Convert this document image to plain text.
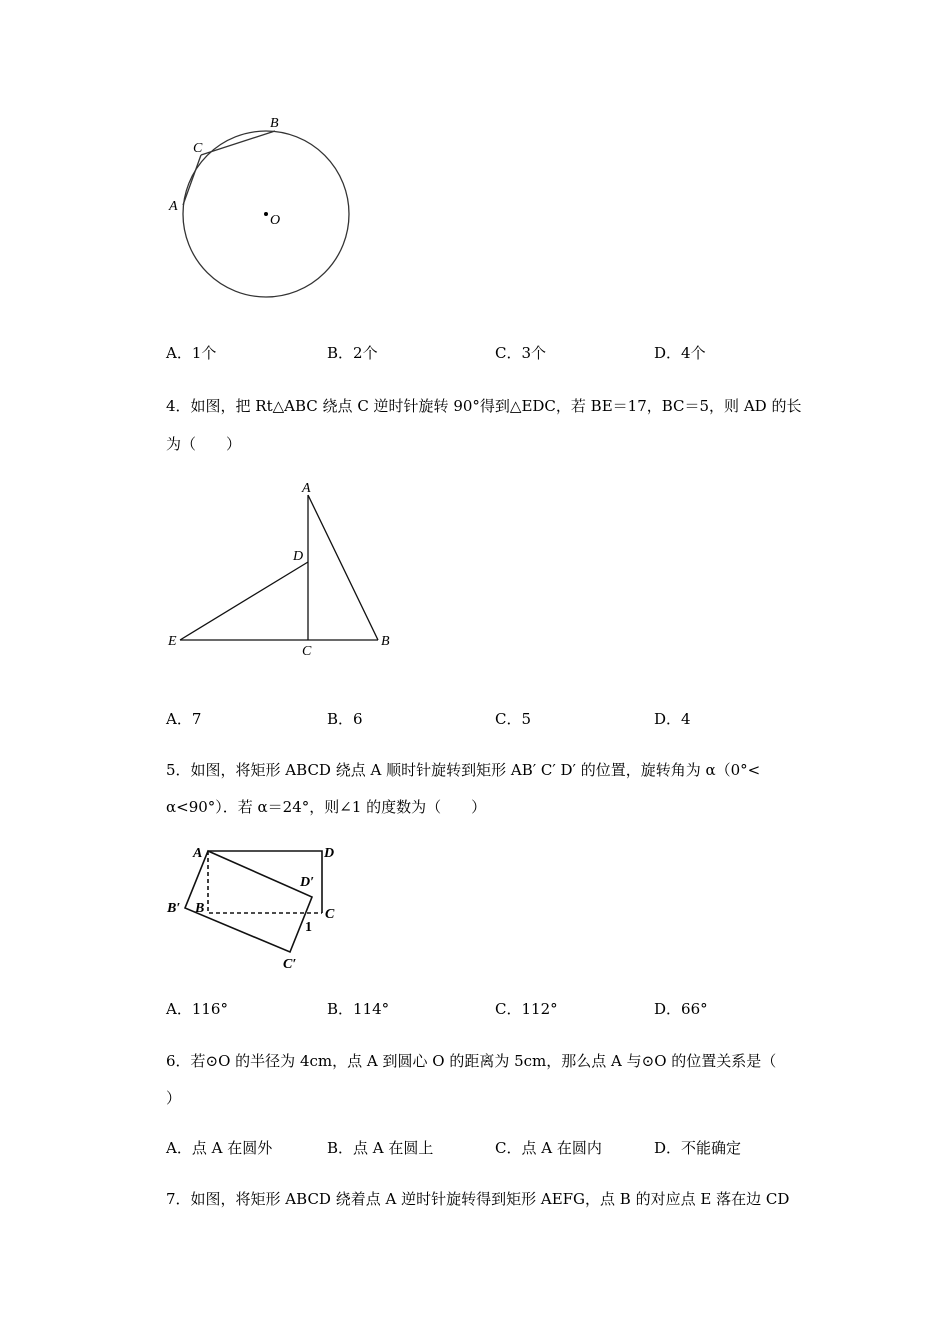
A
C
B
O
A
D
C
E	B
A	D
D′
C
B′ B
C′
1
A．1个	B．2个	C．3个	D．4个
4．如图，把 Rt△ABC 绕点 C 逆时针旋转 90°得到△EDC，若 BE＝17，BC＝5，则 AD 的长
为（　　）
A．7	B．6	C．5	D．4
5．如图，将矩形 ABCD 绕点 A 顺时针旋转到矩形 AB′ C′ D′ 的位置，旋转角为 α（0°<
α<90°）．若 α＝24°，则∠1 的度数为（　　）
A．116°	B．114°	C．112°	D．66°
6．若⊙O 的半径为 4cm，点 A 到圆心 O 的距离为 5cm，那么点 A 与⊙O 的位置关系是（
）
A．点 A 在圆外	B．点 A 在圆上	C．点 A 在圆内	D．不能确定
7．如图，将矩形 ABCD 绕着点 A 逆时针旋转得到矩形 AEFG，点 B 的对应点 E 落在边 CD
